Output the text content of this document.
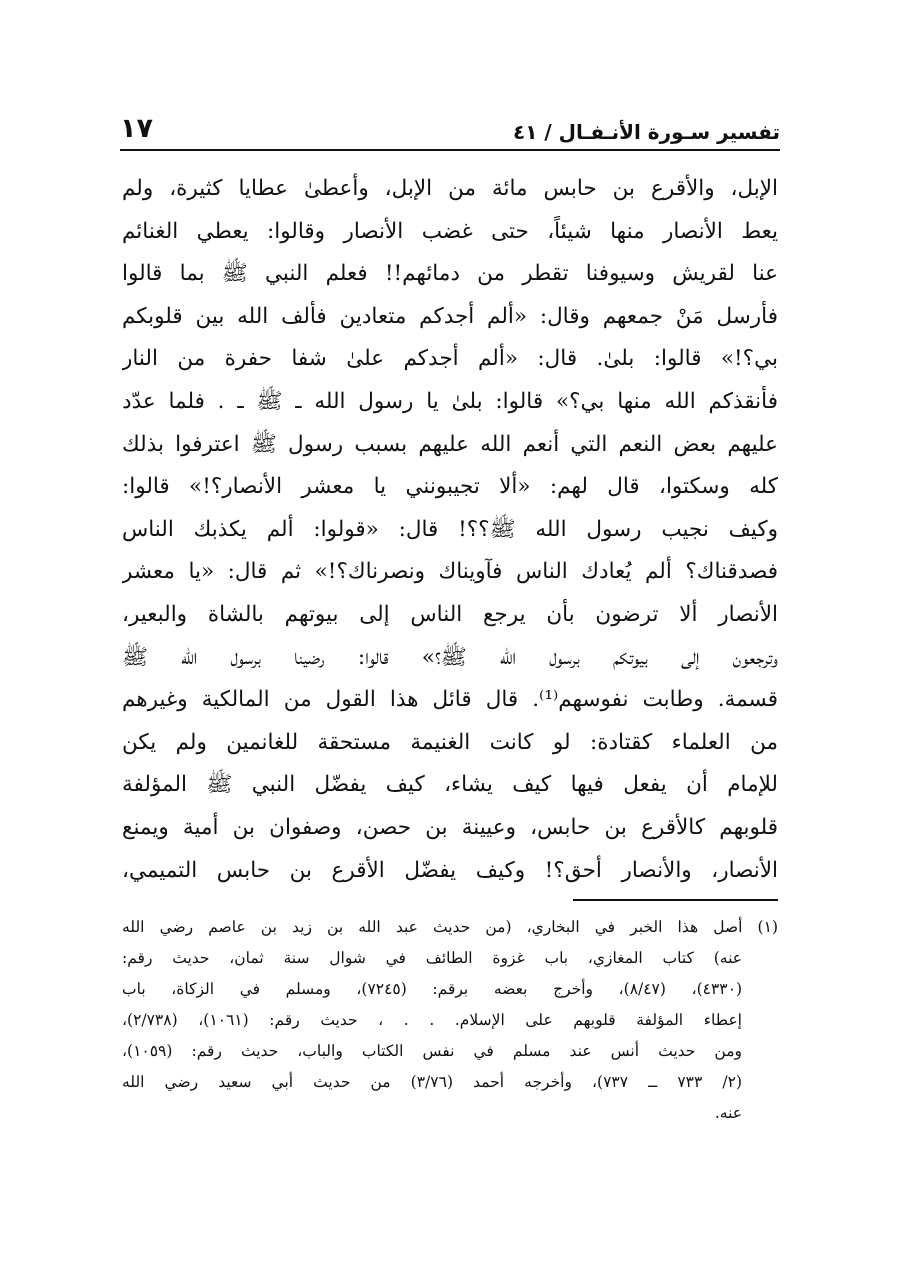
تفسير سـورة الأنـفـال / ٤١
١٧
الإبل، والأقرع بن حابس مائة من الإبل، وأعطىٰ عطايا كثيرة، ولم
يعط الأنصار منها شيئاً، حتى غضب الأنصار وقالوا: يعطي الغنائم
عنا لقريش وسيوفنا تقطر من دمائهم!! فعلم النبي ﷺ بما قالوا
فأرسل مَنْ جمعهم وقال: «ألم أجدكم متعادين فألف الله بين قلوبكم
بي؟!» قالوا: بلىٰ. قال: «ألم أجدكم علىٰ شفا حفرة من النار
فأنقذكم الله منها بي؟» قالوا: بلىٰ يا رسول الله ـ ﷺ ـ . فلما عدّد
عليهم بعض النعم التي أنعم الله عليهم بسبب رسول ﷺ اعترفوا بذلك
كله وسكتوا، قال لهم: «ألا تجيبونني يا معشر الأنصار؟!» قالوا:
وكيف نجيب رسول الله ﷺ؟؟! قال: «قولوا: ألم يكذبك الناس
فصدقناك؟ ألم يُعادك الناس فآويناك ونصرناك؟!» ثم قال: «يا معشر
الأنصار ألا ترضون بأن يرجع الناس إلى بيوتهم بالشاة والبعير،
وترجعون إلى بيوتكم برسول الله ﷺ؟» قالوا: رضينا برسول الله ﷺ
قسمة. وطابت نفوسهم⁽¹⁾. قال قائل هذا القول من المالكية وغيرهم
من العلماء كقتادة: لو كانت الغنيمة مستحقة للغانمين ولم يكن
للإمام أن يفعل فيها كيف يشاء، كيف يفضّل النبي ﷺ المؤلفة
قلوبهم كالأقرع بن حابس، وعيينة بن حصن، وصفوان بن أمية ويمنع
الأنصار، والأنصار أحق؟! وكيف يفضّل الأقرع بن حابس التميمي،
(١) أصل هذا الخبر في البخاري، (من حديث عبد الله بن زيد بن عاصم رضي الله
عنه) كتاب المغازي، باب غزوة الطائف في شوال سنة ثمان، حديث رقم:
(٤٣٣٠)، (٨/٤٧)، وأخرج بعضه برقم: (٧٢٤٥)، ومسلم في الزكاة، باب
إعطاء المؤلفة قلوبهم على الإسلام. . . ، حديث رقم: (١٠٦١)، (٢/٧٣٨)،
ومن حديث أنس عند مسلم في نفس الكتاب والباب، حديث رقم: (١٠٥٩)،
(٢/ ٧٣٣ ــ ٧٣٧)، وأخرجه أحمد (٣/٧٦) من حديث أبي سعيد رضي الله
عنه.
